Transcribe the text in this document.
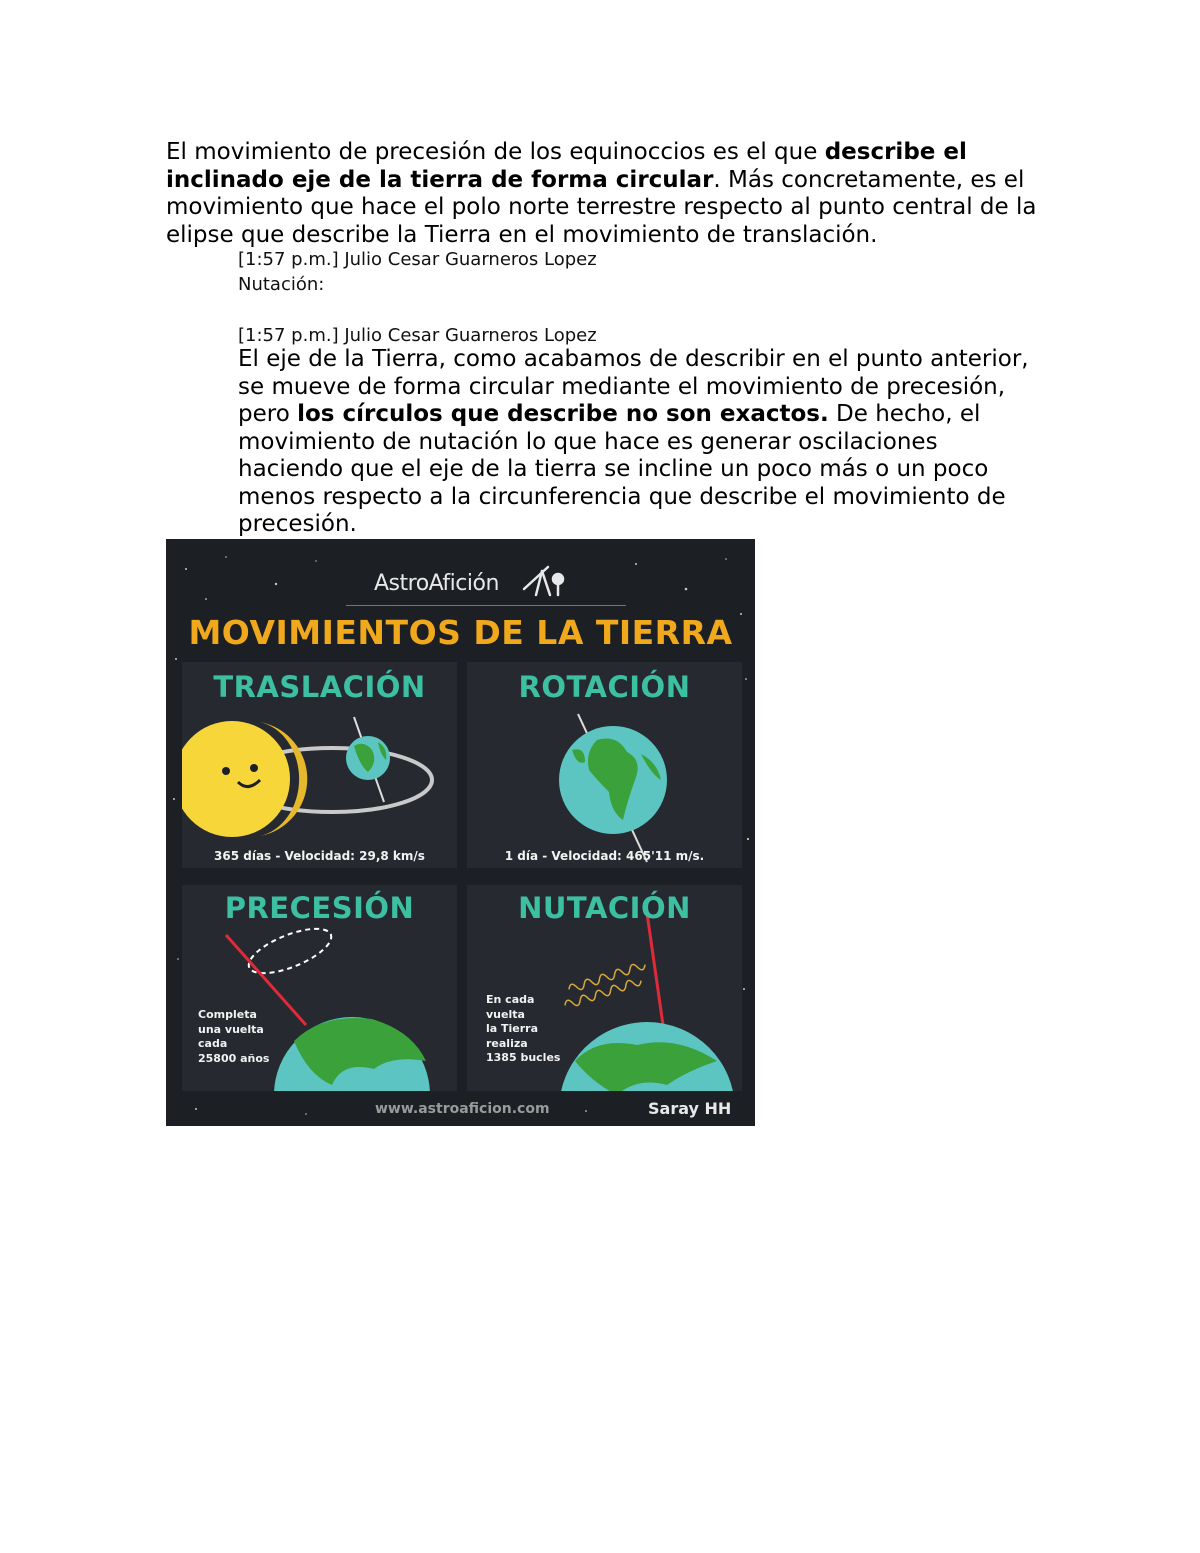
El movimiento de precesión de los equinoccios es el que describe el inclinado eje de la tierra de forma circular. Más concretamente, es el movimiento que hace el polo norte terrestre respecto al punto central de la elipse que describe la Tierra en el movimiento de translación.
[1:57 p.m.] Julio Cesar Guarneros Lopez
Nutación:
[1:57 p.m.] Julio Cesar Guarneros Lopez
El eje de la Tierra, como acabamos de describir en el punto anterior, se mueve de forma circular mediante el movimiento de precesión, pero los círculos que describe no son exactos. De hecho, el movimiento de nutación lo que hace es generar oscilaciones haciendo que el eje de la tierra se incline un poco más o un poco menos respecto a la circunferencia que describe el movimiento de precesión.
AstroAfición
MOVIMIENTOS DE LA TIERRA
TRASLACIÓN
365 días - Velocidad: 29,8 km/s
ROTACIÓN
1 día - Velocidad: 465'11 m/s.
PRECESIÓN
Completa
una vuelta
cada
25800 años
NUTACIÓN
En cada
vuelta
la Tierra
realiza
1385 bucles
www.astroaficion.com	Saray HH
